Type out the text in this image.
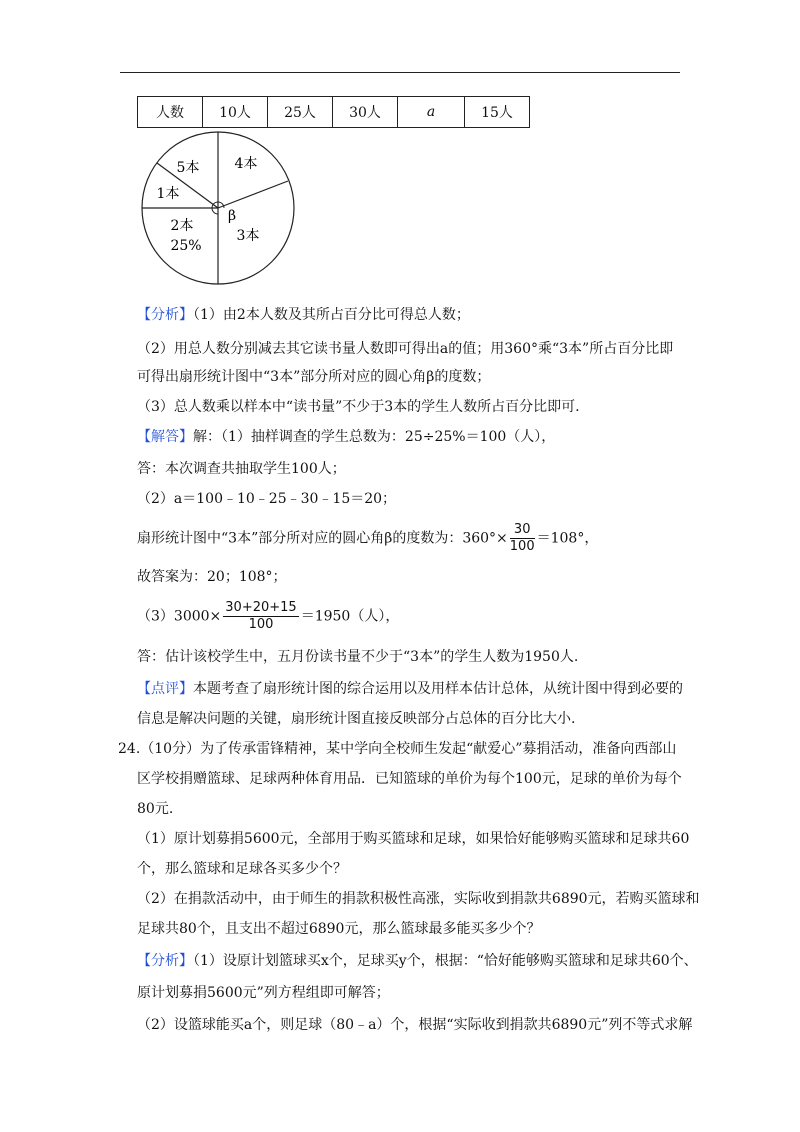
人数	10人	25人	30人	a	15人
4本
5本
1本
2本
25%
3本
β
【分析】（1）由2本人数及其所占百分比可得总人数；
（2）用总人数分别减去其它读书量人数即可得出a的值；用360°乘“3本”所占百分比即
可得出扇形统计图中“3本”部分所对应的圆心角β的度数；
（3）总人数乘以样本中“读书量”不少于3本的学生人数所占百分比即可.
【解答】解：（1）抽样调查的学生总数为：25÷25%＝100（人），
答：本次调查共抽取学生100人；
（2）a＝100﹣10﹣25﹣30﹣15＝20；
扇形统计图中“3本”部分所对应的圆心角β的度数为：$360^\circ\times \frac{30}{100} =108^\circ$，
故答案为：20；108°；
$(3)3000\times \frac{30+20+15}{100} =1950$（人），
答：估计该校学生中，五月份读书量不少于“3本”的学生人数为1950人.
【点评】本题考查了扇形统计图的综合运用以及用样本估计总体，从统计图中得到必要的
信息是解决问题的关键，扇形统计图直接反映部分占总体的百分比大小.
24.（10分）为了传承雷锋精神，某中学向全校师生发起“献爱心”募捐活动，准备向西部山
区学校捐赠篮球、足球两种体育用品．已知篮球的单价为每个100元，足球的单价为每个
80元.
（1）原计划募捐5600元，全部用于购买篮球和足球，如果恰好能够购买篮球和足球共60
个，那么篮球和足球各买多少个？
（2）在捐款活动中，由于师生的捐款积极性高涨，实际收到捐款共6890元，若购买篮球和
足球共80个，且支出不超过6890元，那么篮球最多能买多少个？
【分析】（1）设原计划篮球买x个，足球买y个，根据：“恰好能够购买篮球和足球共60个、
原计划募捐5600元”列方程组即可解答；
（2）设篮球能买a个，则足球（80﹣a）个，根据“实际收到捐款共6890元”列不等式求解
